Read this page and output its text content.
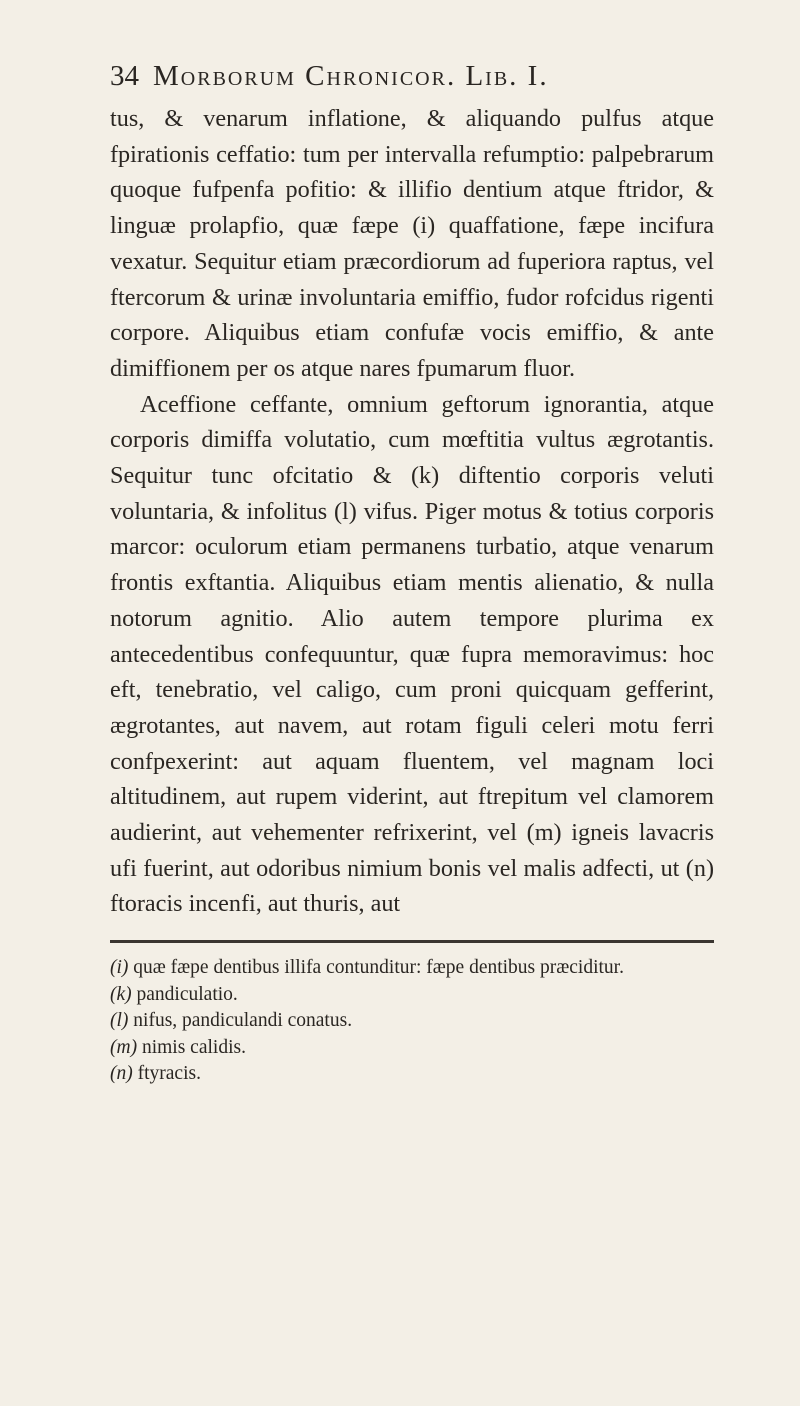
34 Morborum Chronicor. Lib. I.

tus, & venarum inflatione, & aliquando pulfus atque fpirationis ceffatio: tum per intervalla refumptio: palpebrarum quoque fufpenfa pofitio: & illifio dentium atque ftridor, & linguæ prolapfio, quæ fæpe (i) quaffatione, fæpe incifura vexatur. Sequitur etiam præcordiorum ad fuperiora raptus, vel ftercorum & urinæ involuntaria emiffio, fudor rofcidus rigenti corpore. Aliquibus etiam confufæ vocis emiffio, & ante dimiffionem per os atque nares fpumarum fluor.

Aceffione ceffante, omnium geftorum ignorantia, atque corporis dimiffa volutatio, cum mœftitia vultus ægrotantis. Sequitur tunc ofcitatio & (k) diftentio corporis veluti voluntaria, & infolitus (l) vifus. Piger motus & totius corporis marcor: oculorum etiam permanens turbatio, atque venarum frontis exftantia. Aliquibus etiam mentis alienatio, & nulla notorum agnitio. Alio autem tempore plurima ex antecedentibus confequuntur, quæ fupra memoravimus: hoc eft, tenebratio, vel caligo, cum proni quicquam gefferint, ægrotantes, aut navem, aut rotam figuli celeri motu ferri confpexerint: aut aquam fluentem, vel magnam loci altitudinem, aut rupem viderint, aut ftrepitum vel clamorem audierint, aut vehementer refrixerint, vel (m) igneis lavacris ufi fuerint, aut odoribus nimium bonis vel malis adfecti, ut (n) ftoracis incenfi, aut thuris, aut

(i) quæ fæpe dentibus illifa contunditur: fæpe dentibus præciditur.

(k) pandiculatio.

(l) nifus, pandiculandi conatus.

(m) nimis calidis.

(n) ftyracis.
